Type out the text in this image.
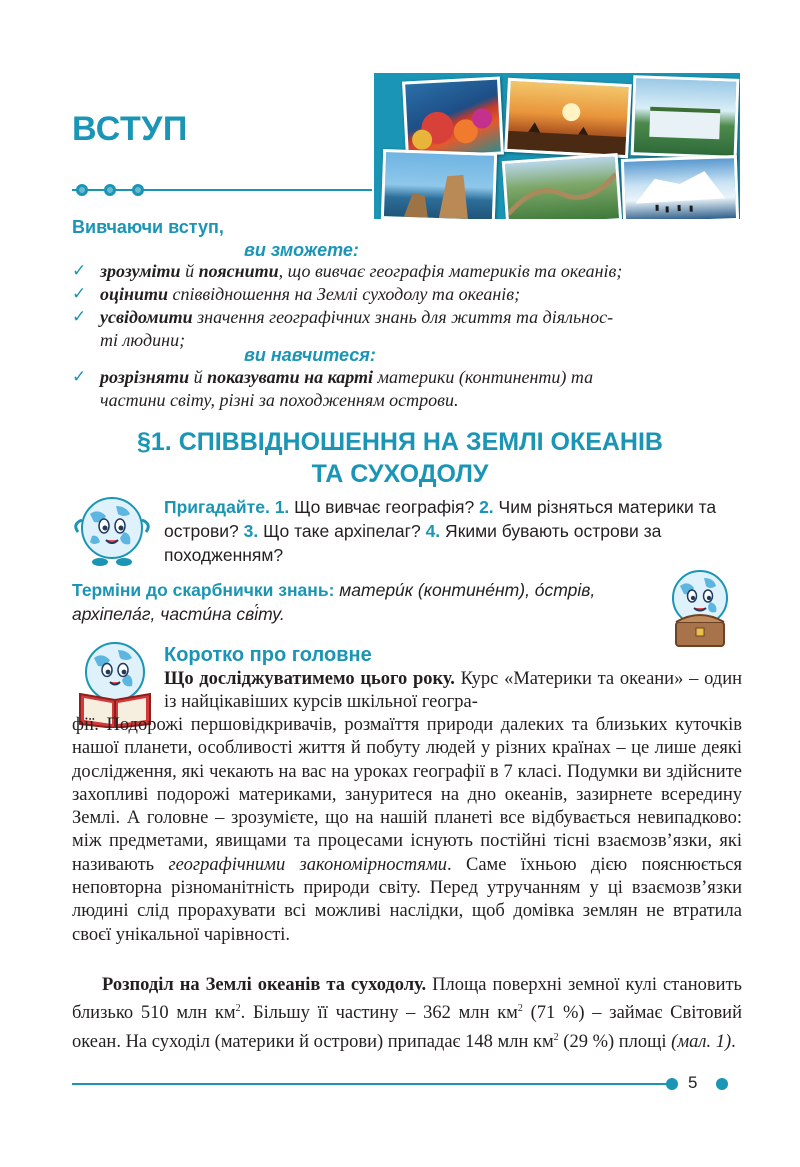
ВСТУП
Вивчаючи вступ,
ви зможете:
✓ зрозуміти й пояснити, що вивчає географія материків та океанів;
✓ оцінити співвідношення на Землі суходолу та океанів;
✓ усвідомити значення географічних знань для життя та діяльнос-
ті людини;
ви навчитеся:
✓ розрізняти й показувати на карті материки (континенти) та
частини світу, різні за походженням острови.
§1. СПІВВІДНОШЕННЯ НА ЗЕМЛІ ОКЕАНІВ
ТА СУХОДОЛУ
Пригадайте. 1. Що вивчає географія? 2. Чим різняться материки та острови? 3. Що таке архіпелаг? 4. Якими бувають острови за походженням?
Терміни до скарбнички знань: матери́к (контине́нт), о́стрів, архіпела́г, части́на сві́ту.
Коротко про головне
Що досліджуватимемо цього року. Курс «Материки та океани» – один із найцікавіших курсів шкільної геогра-
фії. Подорожі першовідкривачів, розмаїття природи далеких та близьких куточків нашої планети, особливості життя й побуту людей у різних країнах – це лише деякі дослідження, які чекають на вас на уроках географії в 7 класі. Подумки ви здійсните захопливі подорожі материками, зануритеся на дно океанів, зазирнете всередину Землі. А головне – зрозумієте, що на нашій планеті все відбувається невипадково: між предметами, явищами та процесами існують постійні тісні взаємозв’язки, які називають географічними закономірностями. Саме їхньою дією пояснюється неповторна різноманітність природи світу. Перед утручанням у ці взаємозв’язки людині слід прорахувати всі можливі наслідки, щоб домівка землян не втратила своєї унікальної чарівності.
Розподіл на Землі океанів та суходолу. Площа поверхні земної кулі становить близько 510 млн $км^2$. Більшу її частину – 362 млн $км^2$ (71 %) – займає Світовий океан. На суходіл (материки й острови) припадає 148 млн $км^2$ (29 %) площі (мал. 1).
5
